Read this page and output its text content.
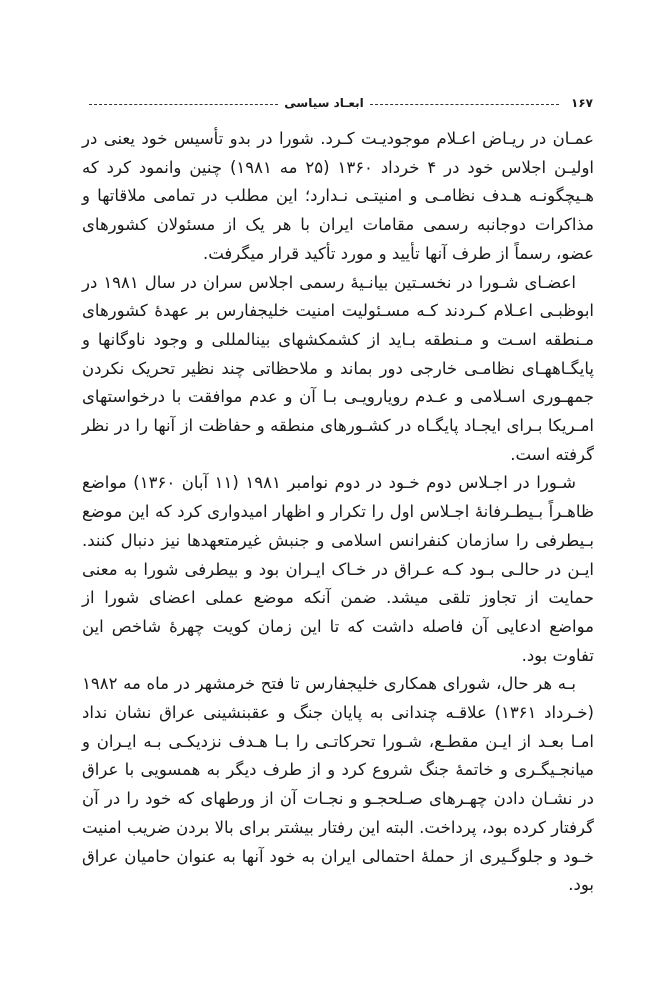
۱۶۷
ابعـاد سیاسی

عمـان در ریـاض اعـلام موجودیـت کـرد. شورا در بدو تأسیس خود یعنی در اولیـن اجلاس خود در ۴ خرداد ۱۳۶۰ (۲۵ مه ۱۹۸۱) چنین وانمود کرد که هـیچگونـه هـدف نظامـی و امنیتـی نـدارد؛ این مطلب در تمامی ملاقاتها و مذاکرات دوجانبه رسمی مقامات ایران با هر یک از مسئولان کشورهای عضو، رسماً از طرف آنها تأیید و مورد تأکید قرار میگرفت.

اعضـای شـورا در نخسـتین بیانـیۀ رسمی اجلاس سران در سال ۱۹۸۱ در ابوظبـی اعـلام کـردند کـه مسـئولیت امنیت خلیجفارس بر عهدۀ کشورهای مـنطقه اسـت و مـنطقه بـاید از کشمکشهای بینالمللی و وجود ناوگانها و پایگـاههـای نظامـی خارجی دور بماند و ملاحظاتی چند نظیر تحریک نکردن جمهـوری اسـلامی و عـدم رویارویـی بـا آن و عدم موافقت با درخواستهای امـریکا بـرای ایجـاد پایگـاه در کشـورهای منطقه و حفاظت از آنها را در نظر گرفته است.

شـورا در اجـلاس دوم خـود در دوم نوامبر ۱۹۸۱ (۱۱ آبان ۱۳۶۰) مواضع ظاهـراً بـیطـرفانۀ اجـلاس اول را تکرار و اظهار امیدواری کرد که این موضع بـیطرفی را سازمان کنفرانس اسلامی و جنبش غیرمتعهدها نیز دنبال کنند. ایـن در حالـی بـود کـه عـراق در خـاک ایـران بود و بیطرفی شورا به معنی حمایت از تجاوز تلقی میشد. ضمن آنکه موضع عملی اعضای شورا از مواضع ادعایی آن فاصله داشت که تا این زمان کویت چهرۀ شاخص این تفاوت بود.

بـه هر حال، شورای همکاری خلیجفارس تا فتح خرمشهر در ماه مه ۱۹۸۲ (خـرداد ۱۳۶۱) علاقـه چندانی به پایان جنگ و عقبنشینی عراق نشان نداد امـا بعـد از ایـن مقطـع، شـورا تحرکاتـی را بـا هـدف نزدیکـی بـه ایـران و میانجـیگـری و خاتمۀ جنگ شروع کرد و از طرف دیگر به همسویی با عراق در نشـان دادن چهـرهای صـلحجـو و نجـات آن از ورطهای که خود را در آن گرفتار کرده بود، پرداخت. البته این رفتار بیشتر برای بالا بردن ضریب امنیت خـود و جلوگـیری از حملۀ احتمالی ایران به خود آنها به عنوان حامیان عراق بود.
